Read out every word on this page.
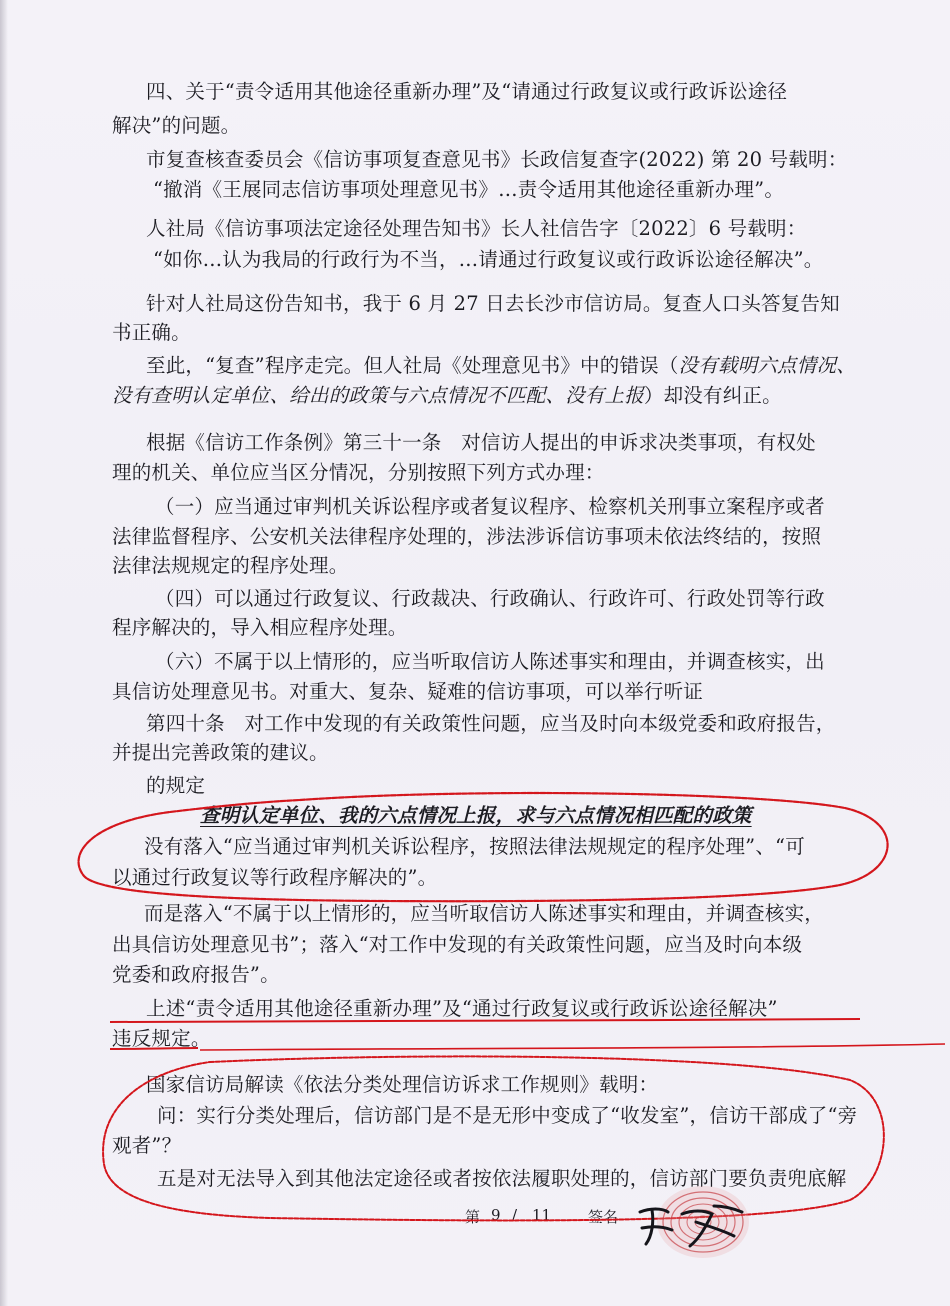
四、关于“责令适用其他途径重新办理”及“请通过行政复议或行政诉讼途径
解决”的问题。
市复查核查委员会《信访事项复查意见书》长政信复查字(2022) 第 20 号载明：
“撤消《王展同志信访事项处理意见书》…责令适用其他途径重新办理”。
人社局《信访事项法定途径处理告知书》长人社信告字〔2022〕6 号载明：
“如你…认为我局的行政行为不当，…请通过行政复议或行政诉讼途径解决”。
针对人社局这份告知书，我于 6 月 27 日去长沙市信访局。复查人口头答复告知
书正确。
至此，“复查”程序走完。但人社局《处理意见书》中的错误（没有载明六点情况、
没有查明认定单位、给出的政策与六点情况不匹配、没有上报）却没有纠正。
根据《信访工作条例》第三十一条　对信访人提出的申诉求决类事项，有权处
理的机关、单位应当区分情况，分别按照下列方式办理：
（一）应当通过审判机关诉讼程序或者复议程序、检察机关刑事立案程序或者
法律监督程序、公安机关法律程序处理的，涉法涉诉信访事项未依法终结的，按照
法律法规规定的程序处理。
（四）可以通过行政复议、行政裁决、行政确认、行政许可、行政处罚等行政
程序解决的，导入相应程序处理。
（六）不属于以上情形的，应当听取信访人陈述事实和理由，并调查核实，出
具信访处理意见书。对重大、复杂、疑难的信访事项，可以举行听证
第四十条　对工作中发现的有关政策性问题，应当及时向本级党委和政府报告，
并提出完善政策的建议。
的规定
查明认定单位、我的六点情况上报，求与六点情况相匹配的政策
没有落入“应当通过审判机关诉讼程序，按照法律法规规定的程序处理”、“可
以通过行政复议等行政程序解决的”。
而是落入“不属于以上情形的，应当听取信访人陈述事实和理由，并调查核实，
出具信访处理意见书”；落入“对工作中发现的有关政策性问题，应当及时向本级
党委和政府报告”。
上述“责令适用其他途径重新办理”及“通过行政复议或行政诉讼途径解决”
违反规定。
国家信访局解读《依法分类处理信访诉求工作规则》载明：
问：实行分类处理后，信访部门是不是无形中变成了“收发室”，信访干部成了“旁
观者”？
五是对无法导入到其他法定途径或者按依法履职处理的，信访部门要负责兜底解
第 9 / 11 签名
